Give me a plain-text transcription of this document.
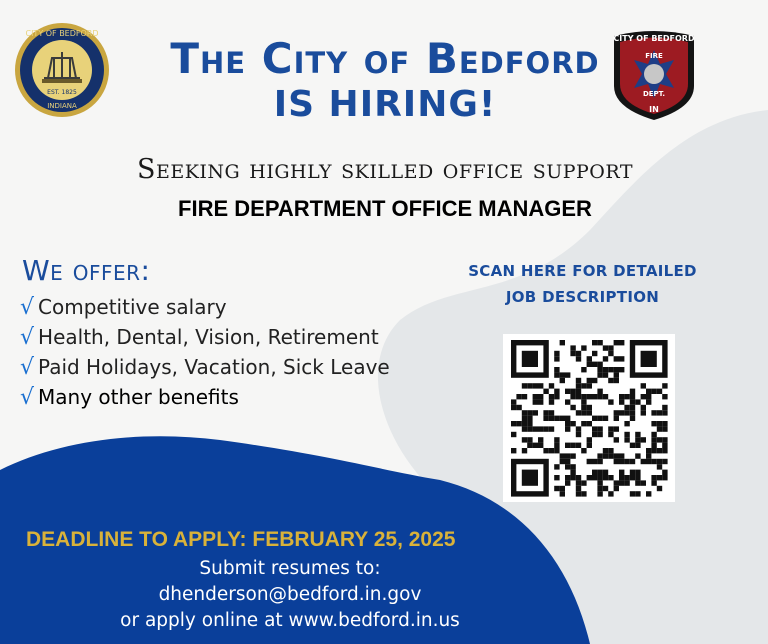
CITY OF BEDFORD
EST. 1825
INDIANA
CITY OF BEDFORD
FIRE
DEPT.
IN
The City of Bedford
IS HIRING!
Seeking highly skilled office support
FIRE DEPARTMENT OFFICE MANAGER
We offer:
√ Competitive salary
√ Health, Dental, Vision, Retirement
√ Paid Holidays, Vacation, Sick Leave
√ Many other benefits
SCAN HERE FOR DETAILED
JOB DESCRIPTION
DEADLINE TO APPLY: FEBRUARY 25, 2025
Submit resumes to:
dhenderson@bedford.in.gov
or apply online at www.bedford.in.us
